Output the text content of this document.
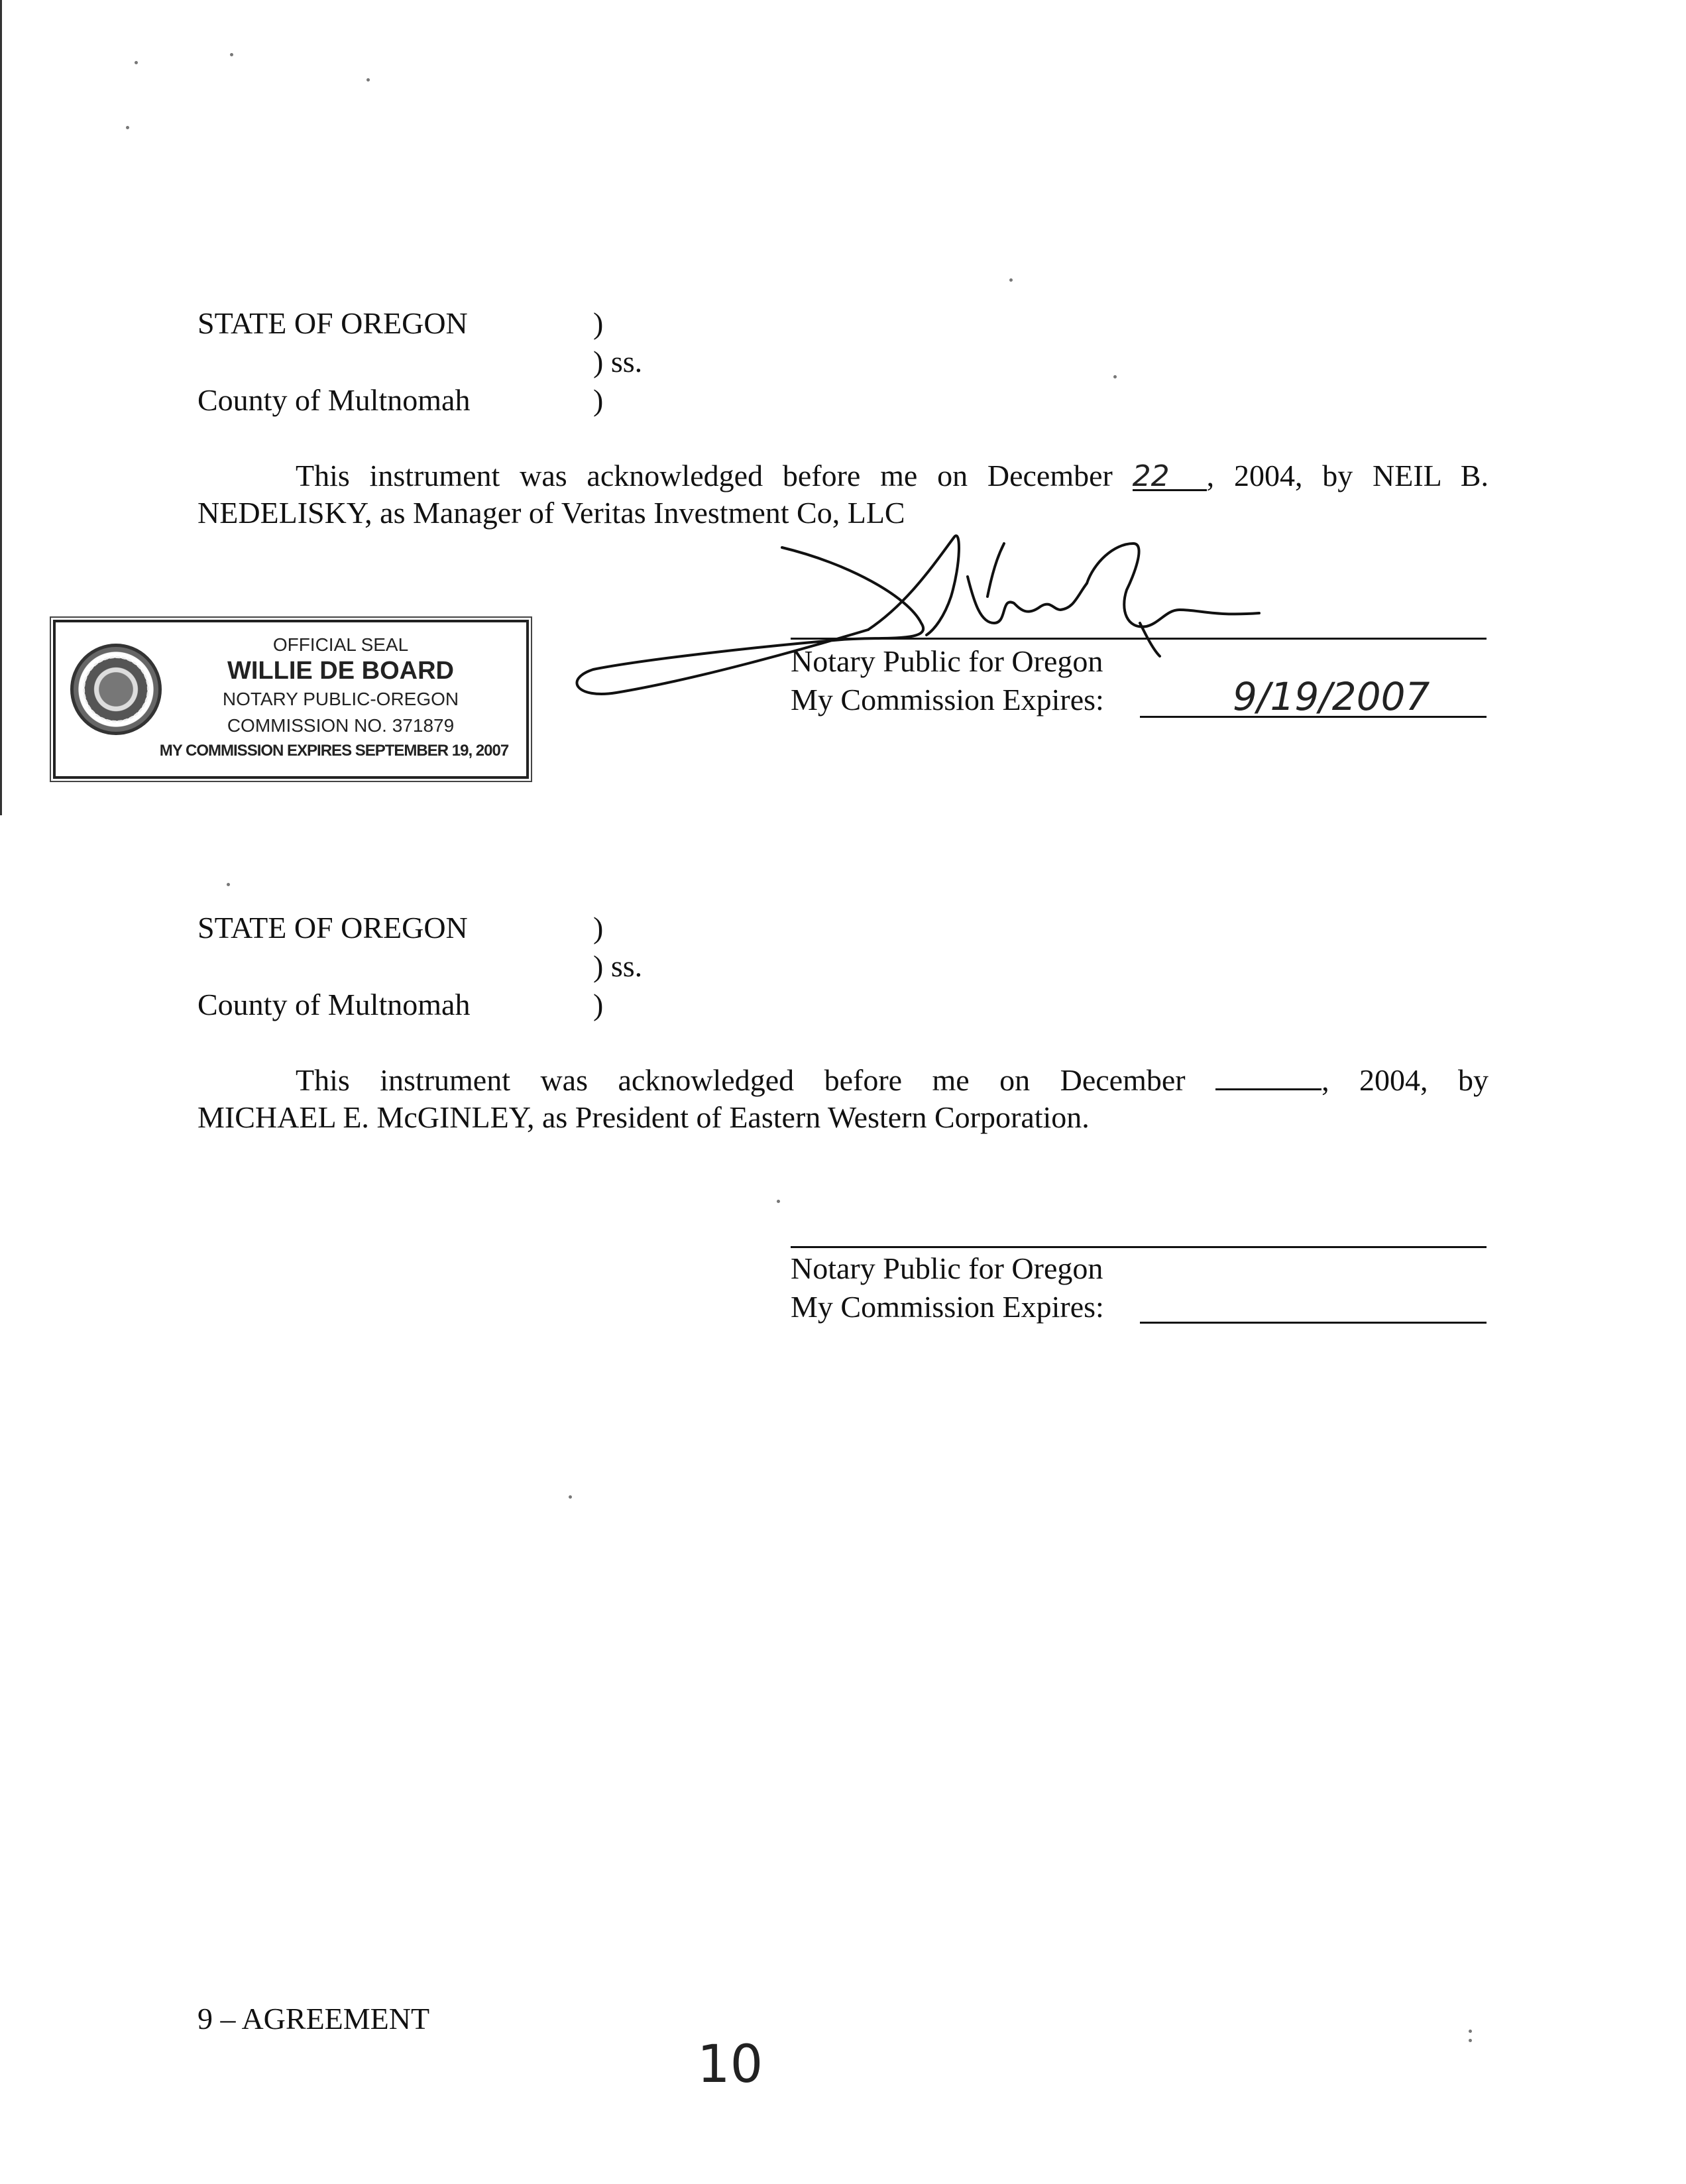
STATE OF OREGON	)
) ss.
County of Multnomah	)
This instrument was acknowledged before me on December 22 , 2004, by NEIL B.
NEDELISKY, as Manager of Veritas Investment Co, LLC
Notary Public for Oregon
My Commission Expires:	9/19/2007
OFFICIAL SEAL
WILLIE DE BOARD
NOTARY PUBLIC-OREGON
COMMISSION NO. 371879
MY COMMISSION EXPIRES SEPTEMBER 19, 2007
STATE OF OREGON	)
) ss.
County of Multnomah	)
This instrument was acknowledged before me on December	, 2004, by
MICHAEL E. McGINLEY, as President of Eastern Western Corporation.
Notary Public for Oregon
My Commission Expires:
9 – AGREEMENT
10
